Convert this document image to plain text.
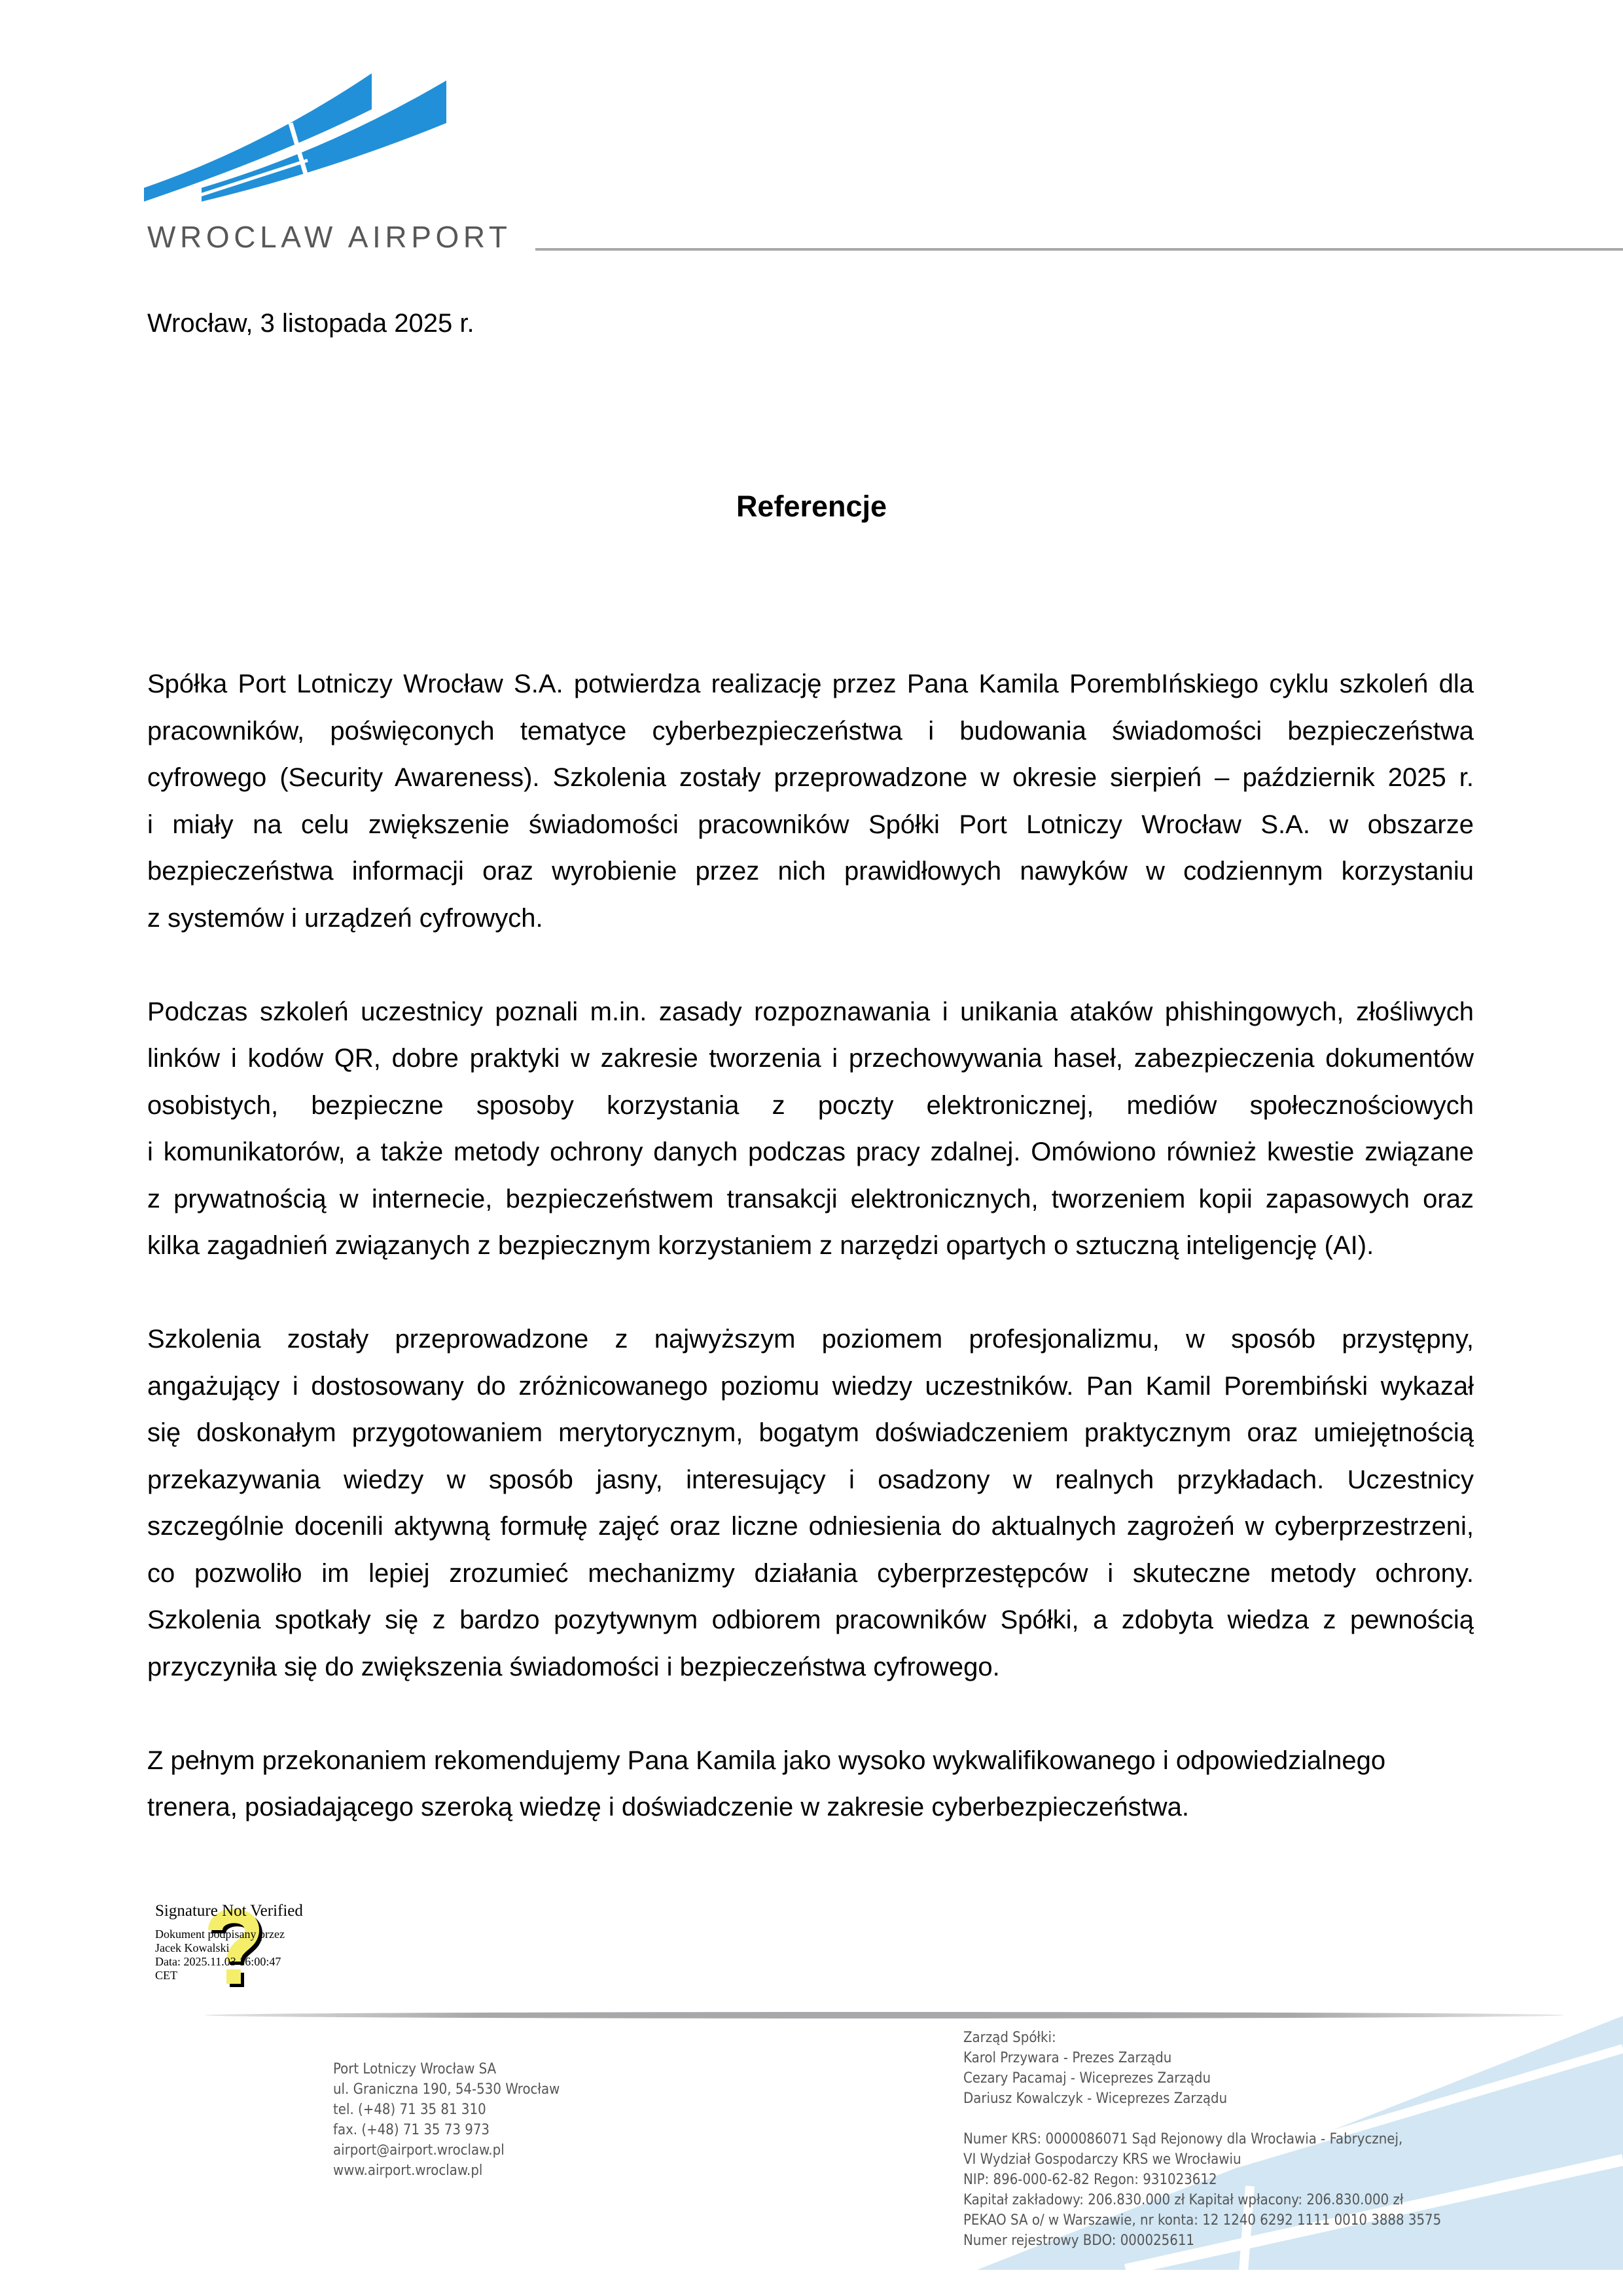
WROCLAW AIRPORT
Wrocław, 3 listopada 2025 r.
Referencje
Spółka Port Lotniczy Wrocław S.A. potwierdza realizację przez Pana Kamila PorembIńskiego cyklu szkoleń dla
pracowników, poświęconych tematyce cyberbezpieczeństwa i budowania świadomości bezpieczeństwa
cyfrowego (Security Awareness). Szkolenia zostały przeprowadzone w okresie sierpień – październik 2025 r.
i miały na celu zwiększenie świadomości pracowników Spółki Port Lotniczy Wrocław S.A. w obszarze
bezpieczeństwa informacji oraz wyrobienie przez nich prawidłowych nawyków w codziennym korzystaniu
z systemów i urządzeń cyfrowych.
Podczas szkoleń uczestnicy poznali m.in. zasady rozpoznawania i unikania ataków phishingowych, złośliwych
linków i kodów QR, dobre praktyki w zakresie tworzenia i przechowywania haseł, zabezpieczenia dokumentów
osobistych, bezpieczne sposoby korzystania z poczty elektronicznej, mediów społecznościowych
i komunikatorów, a także metody ochrony danych podczas pracy zdalnej. Omówiono również kwestie związane
z prywatnością w internecie, bezpieczeństwem transakcji elektronicznych, tworzeniem kopii zapasowych oraz
kilka zagadnień związanych z bezpiecznym korzystaniem z narzędzi opartych o sztuczną inteligencję (AI).
Szkolenia zostały przeprowadzone z najwyższym poziomem profesjonalizmu, w sposób przystępny,
angażujący i dostosowany do zróżnicowanego poziomu wiedzy uczestników. Pan Kamil Porembiński wykazał
się doskonałym przygotowaniem merytorycznym, bogatym doświadczeniem praktycznym oraz umiejętnością
przekazywania wiedzy w sposób jasny, interesujący i osadzony w realnych przykładach. Uczestnicy
szczególnie docenili aktywną formułę zajęć oraz liczne odniesienia do aktualnych zagrożeń w cyberprzestrzeni,
co pozwoliło im lepiej zrozumieć mechanizmy działania cyberprzestępców i skuteczne metody ochrony.
Szkolenia spotkały się z bardzo pozytywnym odbiorem pracowników Spółki, a zdobyta wiedza z pewnością
przyczyniła się do zwiększenia świadomości i bezpieczeństwa cyfrowego.
Z pełnym przekonaniem rekomendujemy Pana Kamila jako wysoko wykwalifikowanego i odpowiedzialnego
trenera, posiadającego szeroką wiedzę i doświadczenie w zakresie cyberbezpieczeństwa.
Signature Not Verified
Dokument podpisany przez
Jacek Kowalski
Data: 2025.11.03 16:00:47
CET
Port Lotniczy Wrocław SA
ul. Graniczna 190, 54-530 Wrocław
tel. (+48) 71 35 81 310
fax. (+48) 71 35 73 973
airport@airport.wroclaw.pl
www.airport.wroclaw.pl
Zarząd Spółki:
Karol Przywara - Prezes Zarządu
Cezary Pacamaj - Wiceprezes Zarządu
Dariusz Kowalczyk - Wiceprezes Zarządu
Numer KRS: 0000086071 Sąd Rejonowy dla Wrocławia - Fabrycznej,
VI Wydział Gospodarczy KRS we Wrocławiu
NIP: 896-000-62-82 Regon: 931023612
Kapitał zakładowy: 206.830.000 zł Kapitał wpłacony: 206.830.000 zł
PEKAO SA o/ w Warszawie, nr konta: 12 1240 6292 1111 0010 3888 3575
Numer rejestrowy BDO: 000025611
